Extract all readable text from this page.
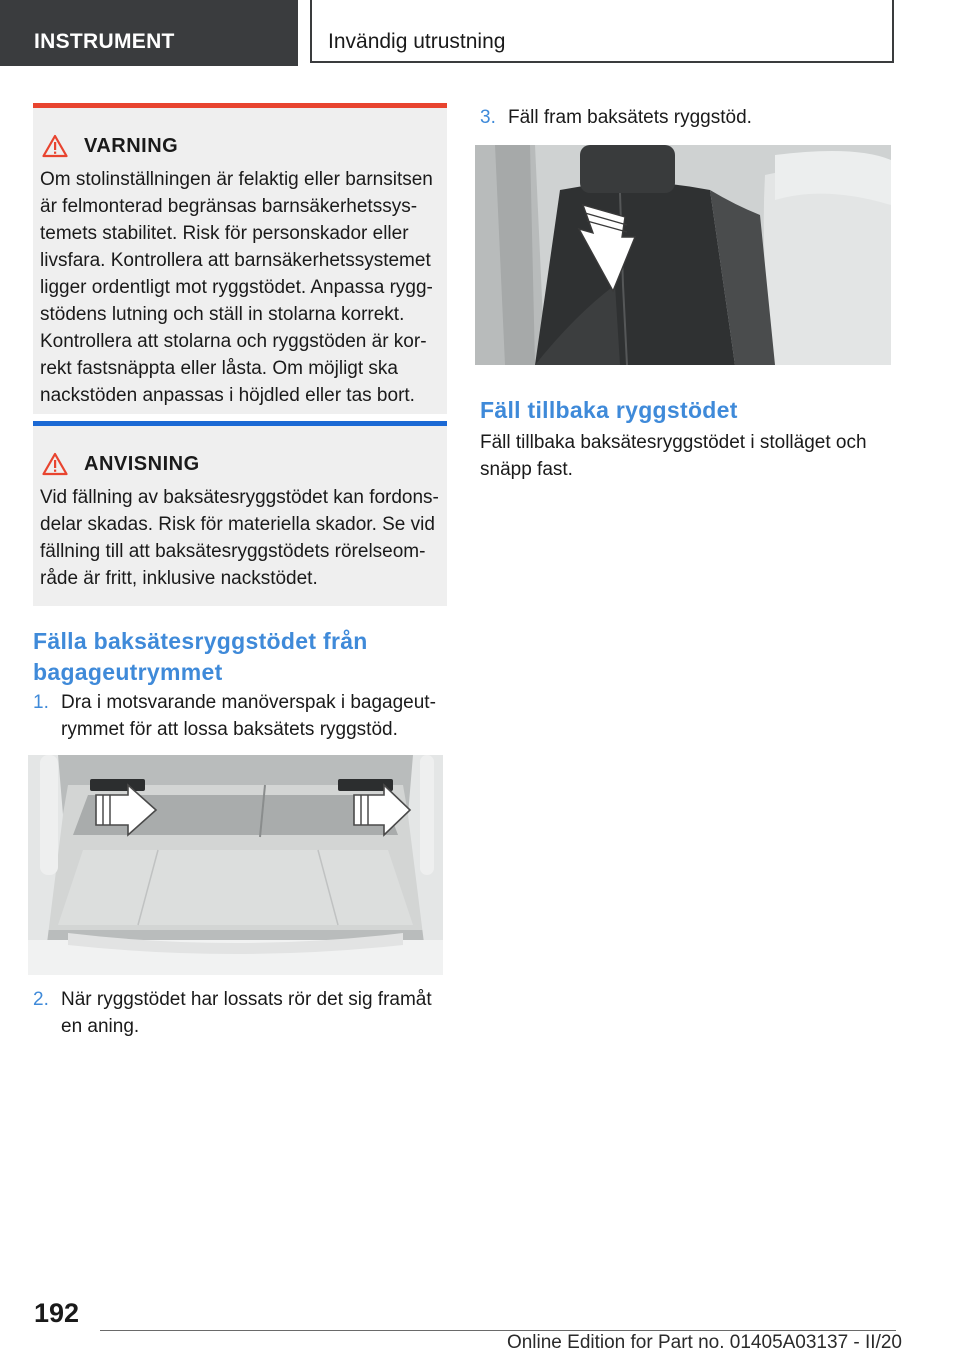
INSTRUMENT	Invändig utrustning
VARNING

Om stolinställningen är felaktig eller barnsitsen

är felmonterad begränsas barnsäkerhetssys-

temets stabilitet. Risk för personskador eller

livsfara. Kontrollera att barnsäkerhetssystemet

ligger ordentligt mot ryggstödet. Anpassa rygg-

stödens lutning och ställ in stolarna korrekt.

Kontrollera att stolarna och ryggstöden är kor-

rekt fastsnäppta eller låsta. Om möjligt ska

nackstöden anpassas i höjdled eller tas bort.

ANVISNING

Vid fällning av baksätesryggstödet kan fordons-

delar skadas. Risk för materiella skador. Se vid

fällning till att baksätesryggstödets rörelseom-

råde är fritt, inklusive nackstödet.

Fälla baksätesryggstödet från
bagageutrymmet
1. Dra i motsvarande manöverspak i bagageut-
rymmet för att lossa baksätets ryggstöd.
2. När ryggstödet har lossats rör det sig framåt
en aning.
3. Fäll fram baksätets ryggstöd.
Fäll tillbaka ryggstödet
Fäll tillbaka baksätesryggstödet i stolläget och
snäpp fast.
192
Online Edition for Part no. 01405A03137 - II/20
